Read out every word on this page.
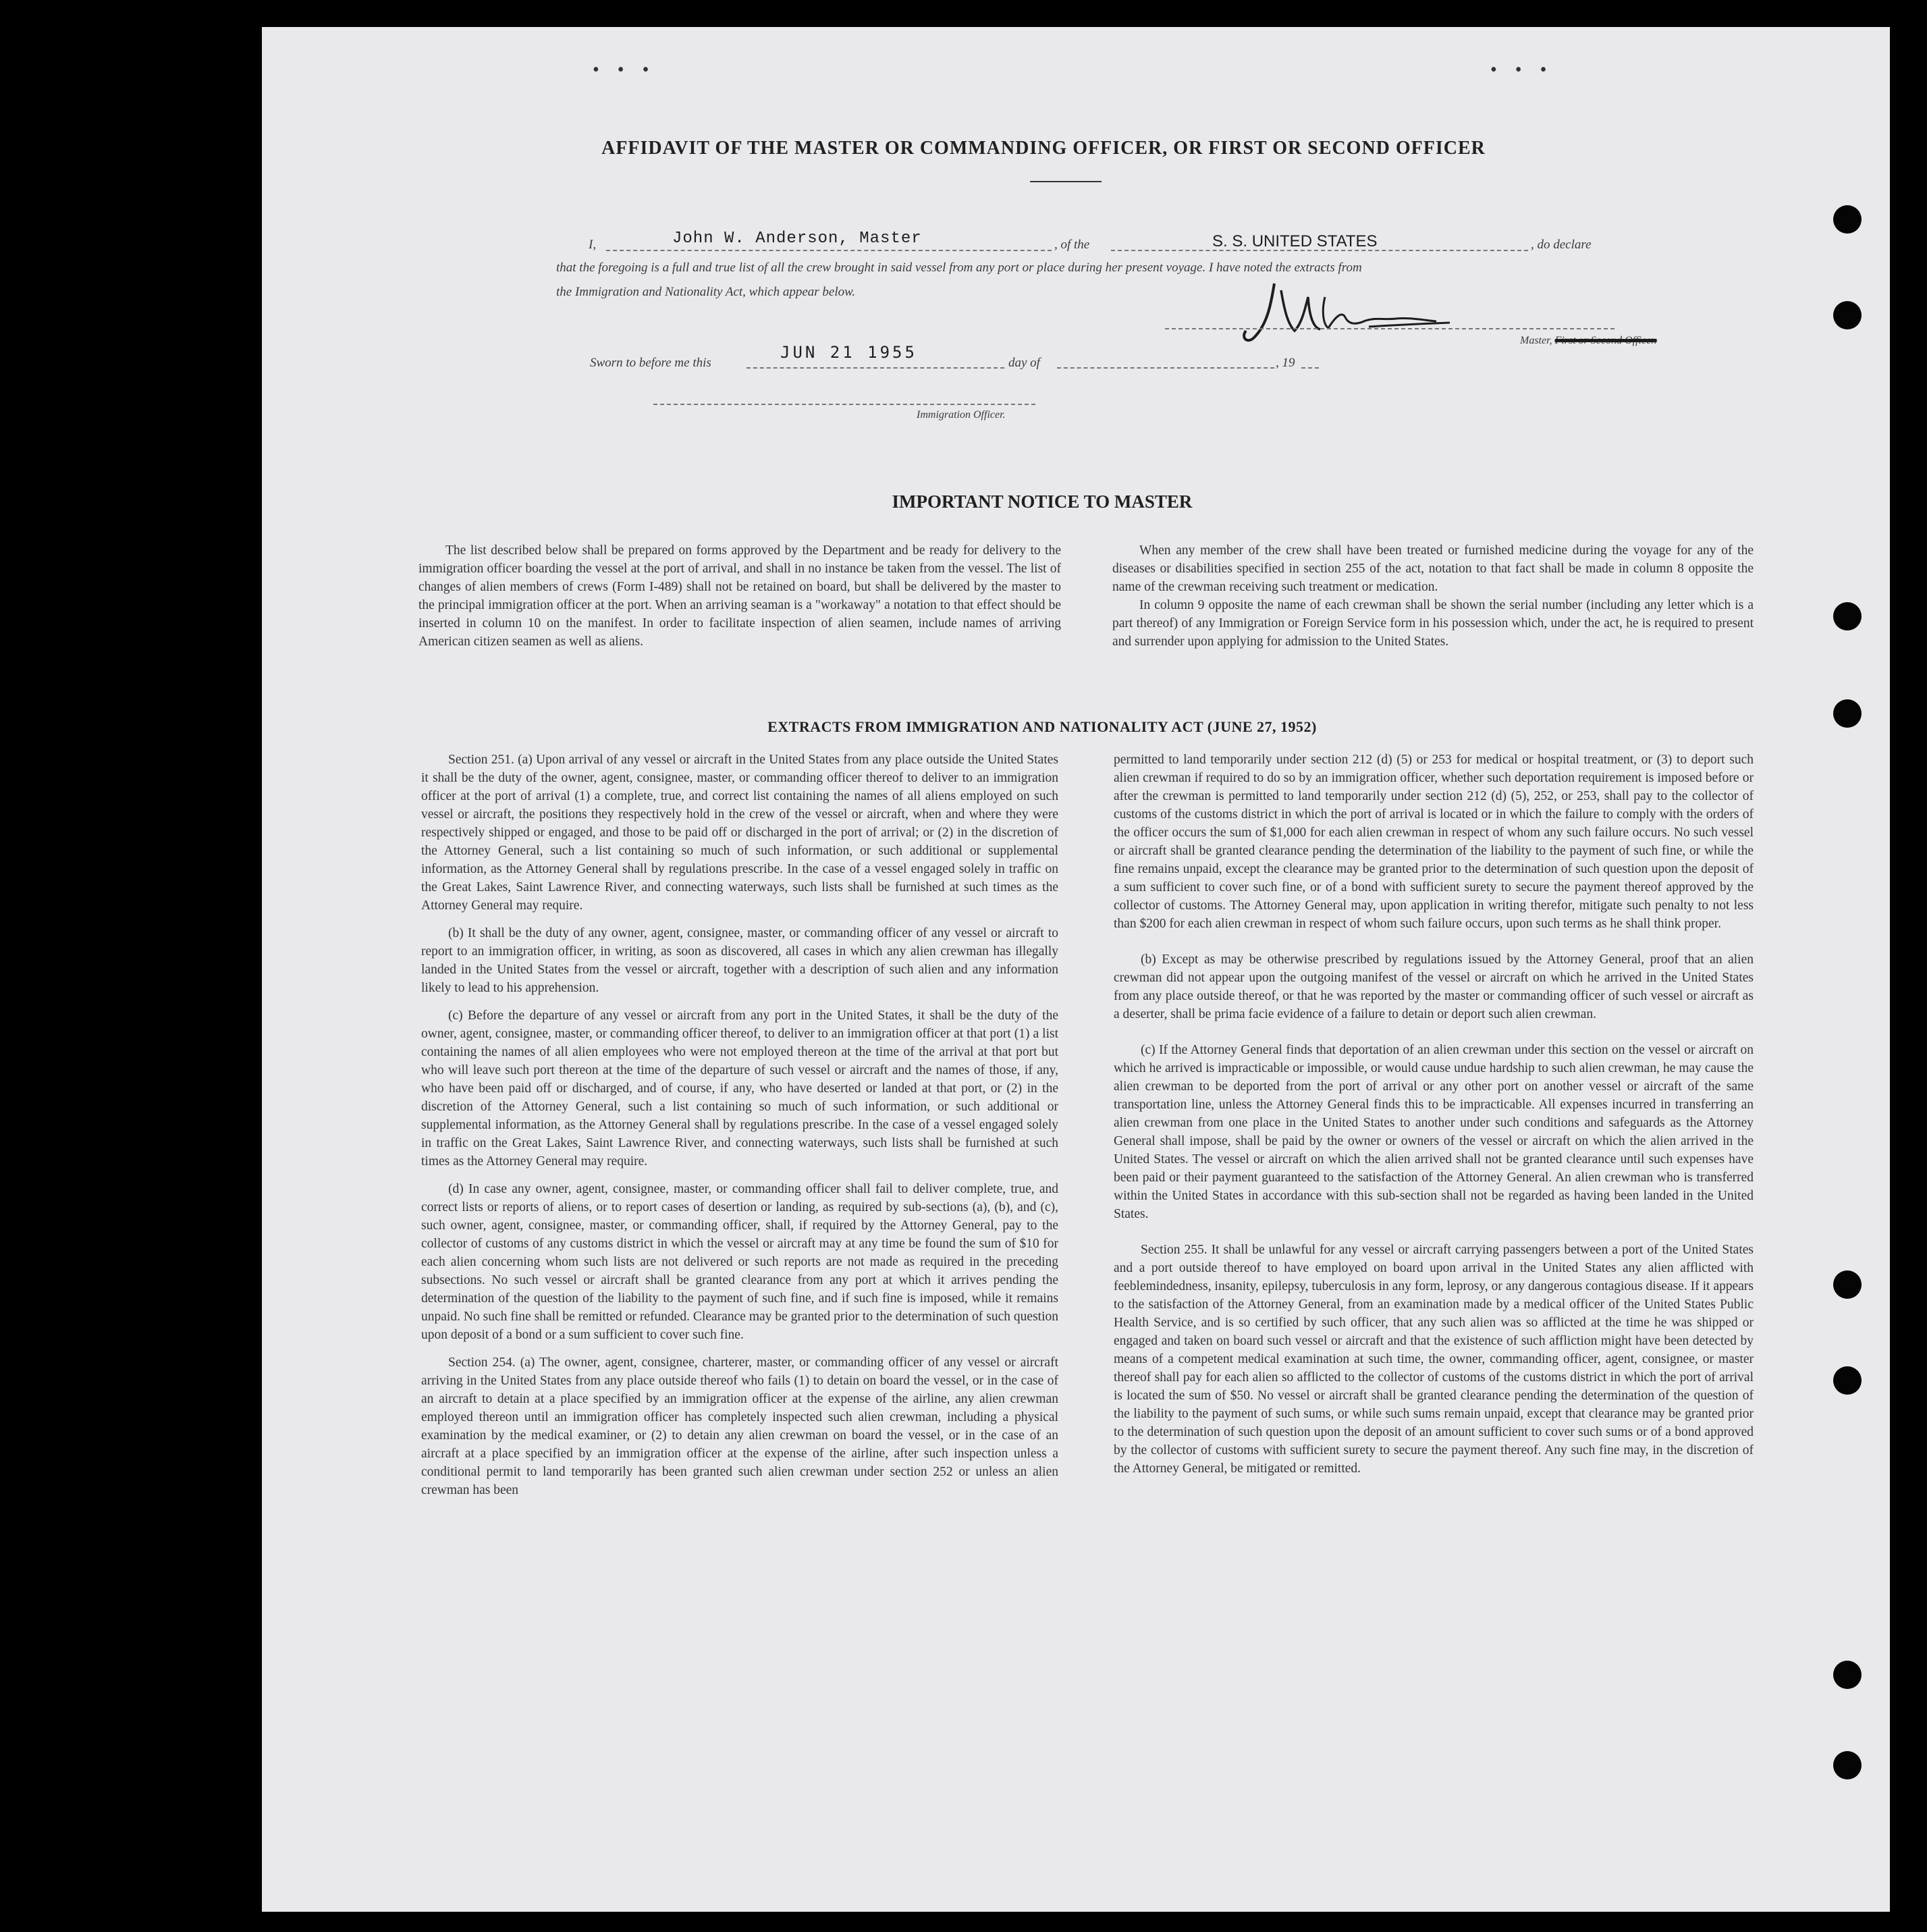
• • •	• • •
AFFIDAVIT OF THE MASTER OR COMMANDING OFFICER, OR FIRST OR SECOND OFFICER
I,	John W. Anderson, Master	, of the	S. S. UNITED STATES	, do declare
that the foregoing is a full and true list of all the crew brought in said vessel from any port or place during her present voyage. I have noted the extracts from
the Immigration and Nationality Act, which appear below.
Master, First or Second Officer.
Sworn to before me this
JUN 21 1955
day of	, 19
Immigration Officer.
IMPORTANT NOTICE TO MASTER

The list described below shall be prepared on forms approved by the Department and be ready for delivery to the immigration officer boarding the vessel at the port of arrival, and shall in no instance be taken from the vessel. The list of changes of alien members of crews (Form I-489) shall not be retained on board, but shall be delivered by the master to the principal immigration officer at the port. When an arriving seaman is a "workaway" a notation to that effect should be inserted in column 10 on the manifest. In order to facilitate inspection of alien seamen, include names of arriving American citizen seamen as well as aliens.

When any member of the crew shall have been treated or furnished medicine during the voyage for any of the diseases or disabilities specified in section 255 of the act, notation to that fact shall be made in column 8 opposite the name of the crewman receiving such treatment or medication.

In column 9 opposite the name of each crewman shall be shown the serial number (including any letter which is a part thereof) of any Immigration or Foreign Service form in his possession which, under the act, he is required to present and surrender upon applying for admission to the United States.

EXTRACTS FROM IMMIGRATION AND NATIONALITY ACT (JUNE 27, 1952)

Section 251. (a) Upon arrival of any vessel or aircraft in the United States from any place outside the United States it shall be the duty of the owner, agent, consignee, master, or commanding officer thereof to deliver to an immigration officer at the port of arrival (1) a complete, true, and correct list containing the names of all aliens employed on such vessel or aircraft, the positions they respectively hold in the crew of the vessel or aircraft, when and where they were respectively shipped or engaged, and those to be paid off or discharged in the port of arrival; or (2) in the discretion of the Attorney General, such a list containing so much of such information, or such additional or supplemental information, as the Attorney General shall by regulations prescribe. In the case of a vessel engaged solely in traffic on the Great Lakes, Saint Lawrence River, and connecting waterways, such lists shall be furnished at such times as the Attorney General may require.

(b) It shall be the duty of any owner, agent, consignee, master, or commanding officer of any vessel or aircraft to report to an immigration officer, in writing, as soon as discovered, all cases in which any alien crewman has illegally landed in the United States from the vessel or aircraft, together with a description of such alien and any information likely to lead to his apprehension.

(c) Before the departure of any vessel or aircraft from any port in the United States, it shall be the duty of the owner, agent, consignee, master, or commanding officer thereof, to deliver to an immigration officer at that port (1) a list containing the names of all alien employees who were not employed thereon at the time of the arrival at that port but who will leave such port thereon at the time of the departure of such vessel or aircraft and the names of those, if any, who have been paid off or discharged, and of course, if any, who have deserted or landed at that port, or (2) in the discretion of the Attorney General, such a list containing so much of such information, or such additional or supplemental information, as the Attorney General shall by regulations prescribe. In the case of a vessel engaged solely in traffic on the Great Lakes, Saint Lawrence River, and connecting waterways, such lists shall be furnished at such times as the Attorney General may require.

(d) In case any owner, agent, consignee, master, or commanding officer shall fail to deliver complete, true, and correct lists or reports of aliens, or to report cases of desertion or landing, as required by sub-sections (a), (b), and (c), such owner, agent, consignee, master, or commanding officer, shall, if required by the Attorney General, pay to the collector of customs of any customs district in which the vessel or aircraft may at any time be found the sum of $10 for each alien concerning whom such lists are not delivered or such reports are not made as required in the preceding subsections. No such vessel or aircraft shall be granted clearance from any port at which it arrives pending the determination of the question of the liability to the payment of such fine, and if such fine is imposed, while it remains unpaid. No such fine shall be remitted or refunded. Clearance may be granted prior to the determination of such question upon deposit of a bond or a sum sufficient to cover such fine.

Section 254. (a) The owner, agent, consignee, charterer, master, or commanding officer of any vessel or aircraft arriving in the United States from any place outside thereof who fails (1) to detain on board the vessel, or in the case of an aircraft to detain at a place specified by an immigration officer at the expense of the airline, any alien crewman employed thereon until an immigration officer has completely inspected such alien crewman, including a physical examination by the medical examiner, or (2) to detain any alien crewman on board the vessel, or in the case of an aircraft at a place specified by an immigration officer at the expense of the airline, after such inspection unless a conditional permit to land temporarily has been granted such alien crewman under section 252 or unless an alien crewman has been

permitted to land temporarily under section 212 (d) (5) or 253 for medical or hospital treatment, or (3) to deport such alien crewman if required to do so by an immigration officer, whether such deportation requirement is imposed before or after the crewman is permitted to land temporarily under section 212 (d) (5), 252, or 253, shall pay to the collector of customs of the customs district in which the port of arrival is located or in which the failure to comply with the orders of the officer occurs the sum of $1,000 for each alien crewman in respect of whom any such failure occurs. No such vessel or aircraft shall be granted clearance pending the determination of the liability to the payment of such fine, or while the fine remains unpaid, except the clearance may be granted prior to the determination of such question upon the deposit of a sum sufficient to cover such fine, or of a bond with sufficient surety to secure the payment thereof approved by the collector of customs. The Attorney General may, upon application in writing therefor, mitigate such penalty to not less than $200 for each alien crewman in respect of whom such failure occurs, upon such terms as he shall think proper.

(b) Except as may be otherwise prescribed by regulations issued by the Attorney General, proof that an alien crewman did not appear upon the outgoing manifest of the vessel or aircraft on which he arrived in the United States from any place outside thereof, or that he was reported by the master or commanding officer of such vessel or aircraft as a deserter, shall be prima facie evidence of a failure to detain or deport such alien crewman.

(c) If the Attorney General finds that deportation of an alien crewman under this section on the vessel or aircraft on which he arrived is impracticable or impossible, or would cause undue hardship to such alien crewman, he may cause the alien crewman to be deported from the port of arrival or any other port on another vessel or aircraft of the same transportation line, unless the Attorney General finds this to be impracticable. All expenses incurred in transferring an alien crewman from one place in the United States to another under such conditions and safeguards as the Attorney General shall impose, shall be paid by the owner or owners of the vessel or aircraft on which the alien arrived in the United States. The vessel or aircraft on which the alien arrived shall not be granted clearance until such expenses have been paid or their payment guaranteed to the satisfaction of the Attorney General. An alien crewman who is transferred within the United States in accordance with this sub-section shall not be regarded as having been landed in the United States.

Section 255. It shall be unlawful for any vessel or aircraft carrying passengers between a port of the United States and a port outside thereof to have employed on board upon arrival in the United States any alien afflicted with feeblemindedness, insanity, epilepsy, tuberculosis in any form, leprosy, or any dangerous contagious disease. If it appears to the satisfaction of the Attorney General, from an examination made by a medical officer of the United States Public Health Service, and is so certified by such officer, that any such alien was so afflicted at the time he was shipped or engaged and taken on board such vessel or aircraft and that the existence of such affliction might have been detected by means of a competent medical examination at such time, the owner, commanding officer, agent, consignee, or master thereof shall pay for each alien so afflicted to the collector of customs of the customs district in which the port of arrival is located the sum of $50. No vessel or aircraft shall be granted clearance pending the determination of the question of the liability to the payment of such sums, or while such sums remain unpaid, except that clearance may be granted prior to the determination of such question upon the deposit of an amount sufficient to cover such sums or of a bond approved by the collector of customs with sufficient surety to secure the payment thereof. Any such fine may, in the discretion of the Attorney General, be mitigated or remitted.
